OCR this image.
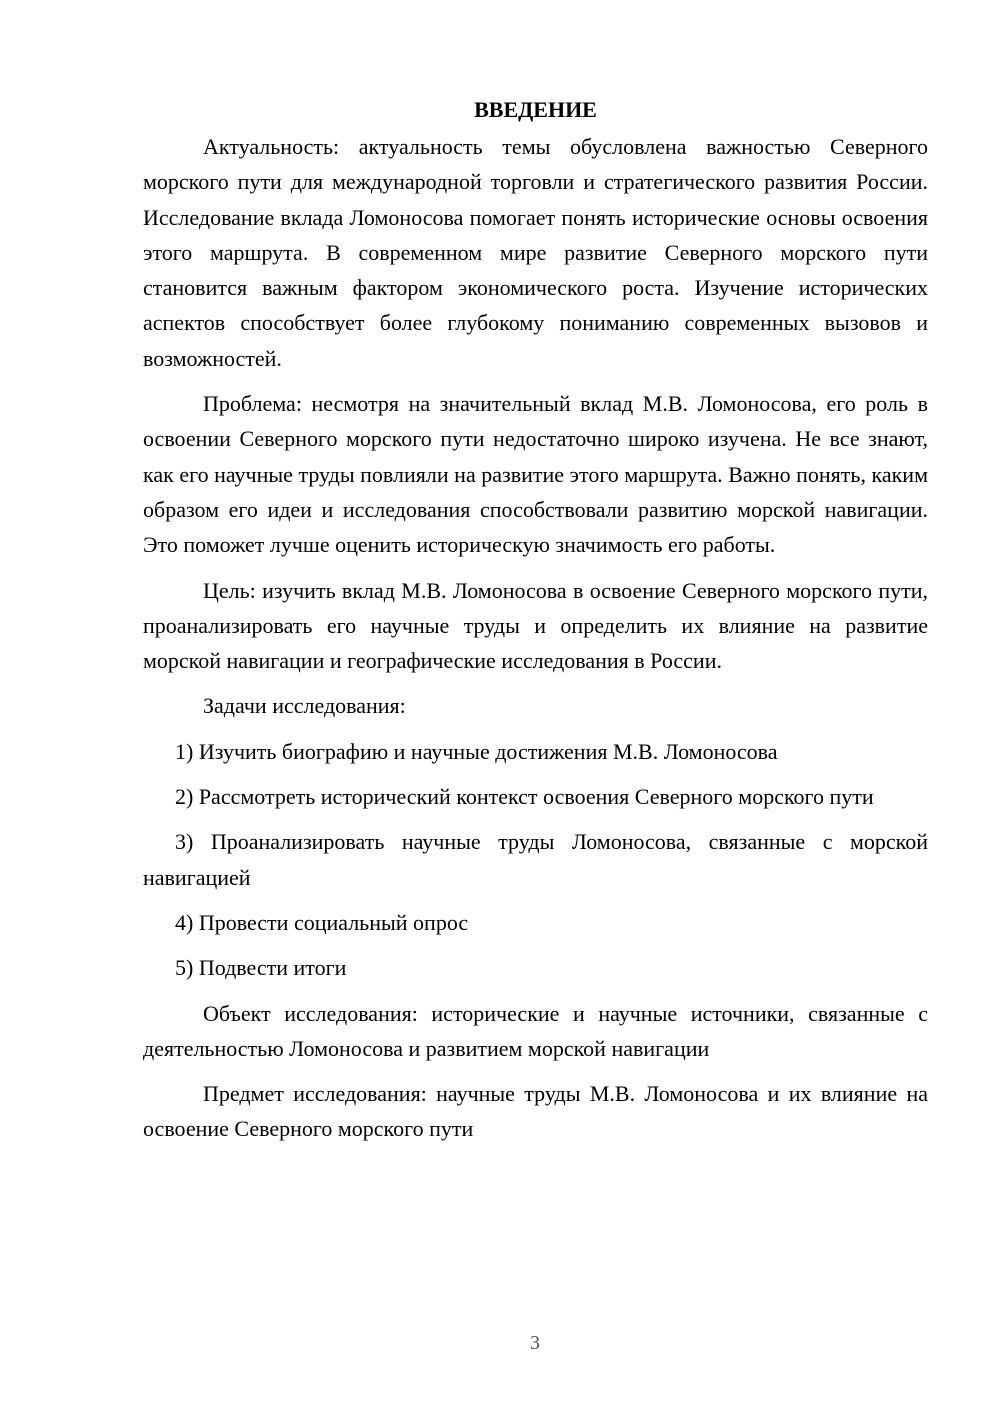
ВВЕДЕНИЕ

Актуальность: актуальность темы обусловлена важностью Северного морского пути для международной торговли и стратегического развития России. Исследование вклада Ломоносова помогает понять исторические основы освоения этого маршрута. В современном мире развитие Северного морского пути становится важным фактором экономического роста. Изучение исторических аспектов способствует более глубокому пониманию современных вызовов и возможностей.

Проблема: несмотря на значительный вклад М.В. Ломоносова, его роль в освоении Северного морского пути недостаточно широко изучена. Не все знают, как его научные труды повлияли на развитие этого маршрута. Важно понять, каким образом его идеи и исследования способствовали развитию морской навигации. Это поможет лучше оценить историческую значимость его работы.

Цель: изучить вклад М.В. Ломоносова в освоение Северного морского пути, проанализировать его научные труды и определить их влияние на развитие морской навигации и географические исследования в России.

Задачи исследования:

1) Изучить биографию и научные достижения М.В. Ломоносова

2) Рассмотреть исторический контекст освоения Северного морского пути

3) Проанализировать научные труды Ломоносова, связанные с морской навигацией

4) Провести социальный опрос

5) Подвести итоги

Объект исследования: исторические и научные источники, связанные с деятельностью Ломоносова и развитием морской навигации

Предмет исследования: научные труды М.В. Ломоносова и их влияние на освоение Северного морского пути

3
